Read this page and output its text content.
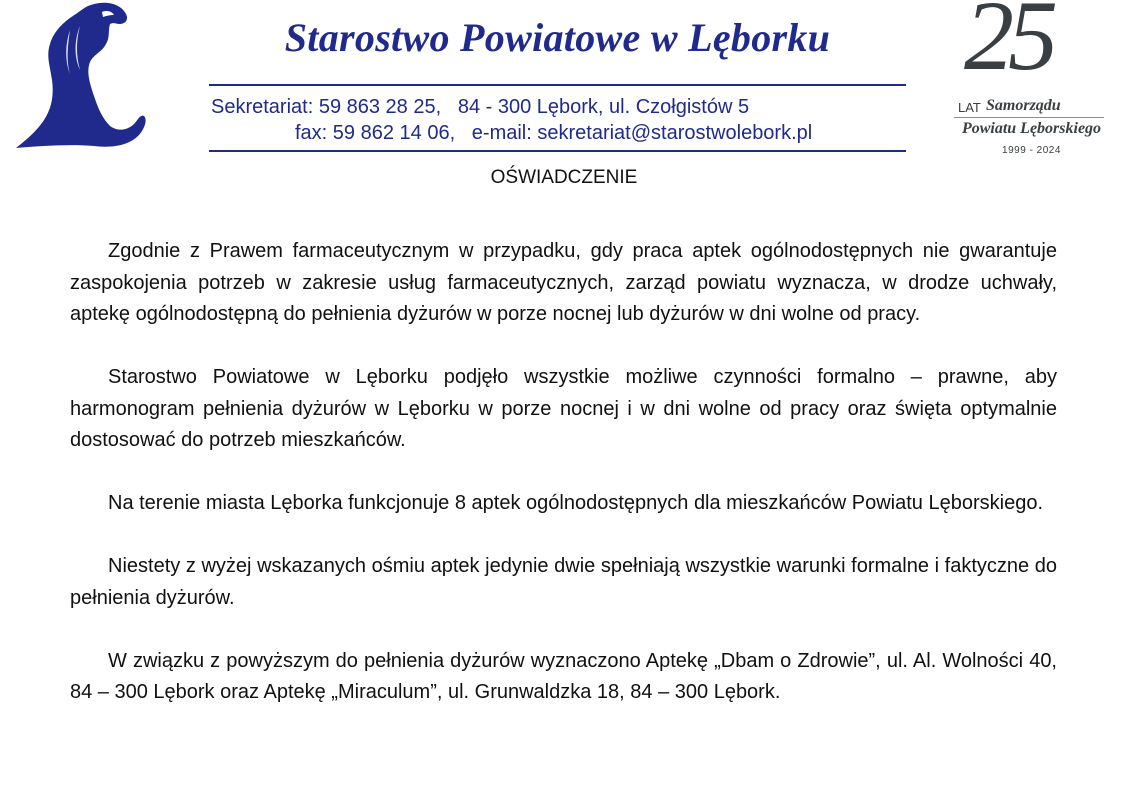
Starostwo Powiatowe w Lęborku
Sekretariat: 59 863 28 25,   84 - 300 Lębork, ul. Czołgistów 5
fax: 59 862 14 06,   e-mail: sekretariat@starostwolebork.pl
25
LAT Samorządu
Powiatu Lęborskiego
1999 - 2024
OŚWIADCZENIE

Zgodnie z Prawem farmaceutycznym w przypadku, gdy praca aptek ogólnodostępnych nie gwarantuje zaspokojenia potrzeb w zakresie usług farmaceutycznych, zarząd powiatu wyznacza, w drodze uchwały, aptekę ogólnodostępną do pełnienia dyżurów w porze nocnej lub dyżurów w dni wolne od pracy.

Starostwo Powiatowe w Lęborku podjęło wszystkie możliwe czynności formalno – prawne, aby harmonogram pełnienia dyżurów w Lęborku w porze nocnej i w dni wolne od pracy oraz święta optymalnie dostosować do potrzeb mieszkańców.

Na terenie miasta Lęborka funkcjonuje 8 aptek ogólnodostępnych dla mieszkańców Powiatu Lęborskiego.

Niestety z wyżej wskazanych ośmiu aptek jedynie dwie spełniają wszystkie warunki formalne i faktyczne do pełnienia dyżurów.

W związku z powyższym do pełnienia dyżurów wyznaczono Aptekę „Dbam o Zdrowie”, ul. Al. Wolności 40, 84 – 300 Lębork oraz Aptekę „Miraculum”, ul. Grunwaldzka 18, 84 – 300 Lębork.
